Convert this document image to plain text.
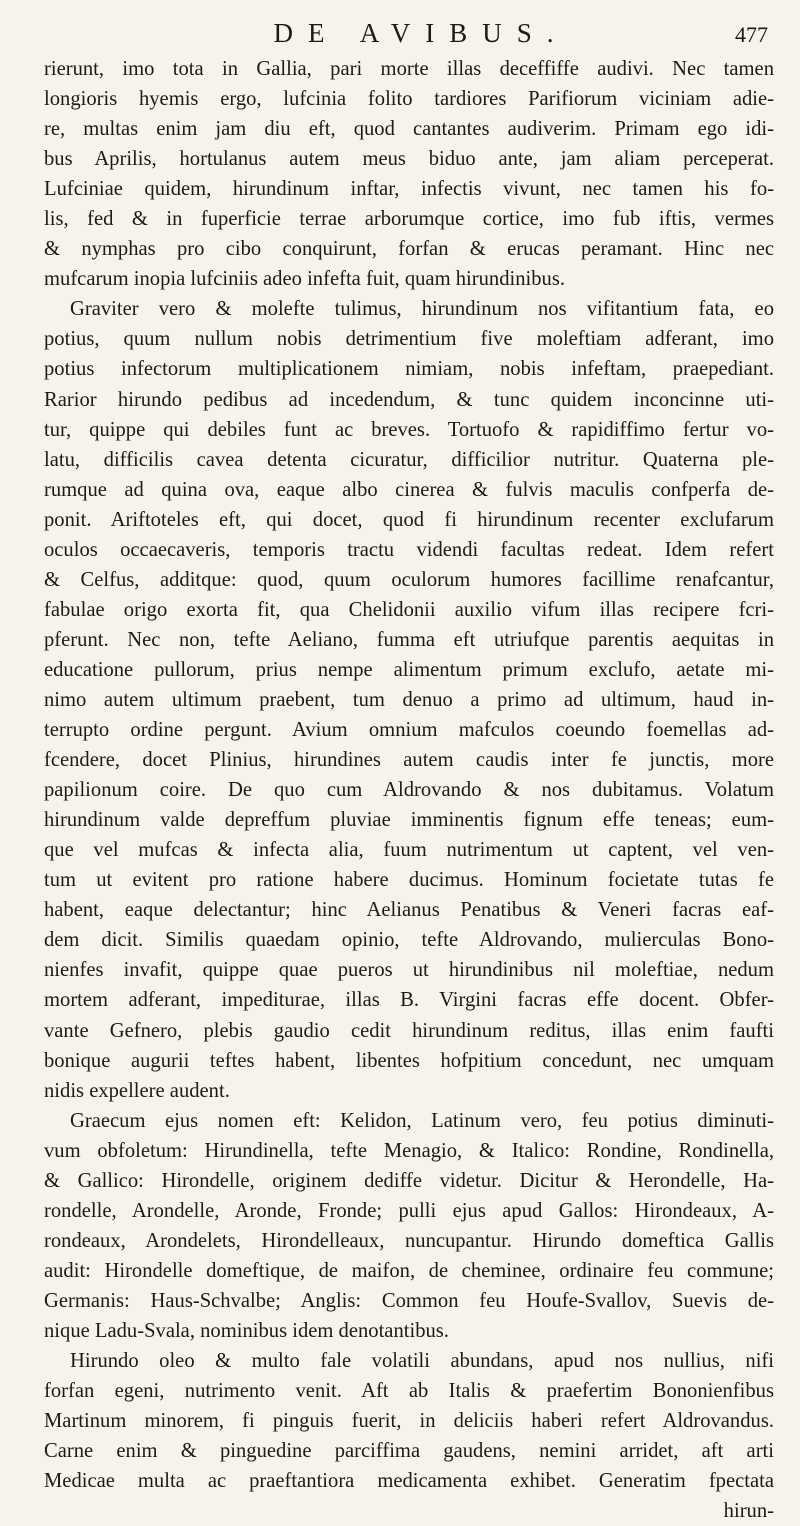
DE AVIBUS.	477
rierunt, imo tota in Gallia, pari morte illas deceffiffe audivi. Nec tamen
longioris hyemis ergo, lufcinia folito tardiores Parifiorum viciniam adie-
re, multas enim jam diu eft, quod cantantes audiverim. Primam ego idi-
bus Aprilis, hortulanus autem meus biduo ante, jam aliam perceperat.
Lufciniae quidem, hirundinum inftar, infectis vivunt, nec tamen his fo-
lis, fed & in fuperficie terrae arborumque cortice, imo fub iftis, vermes
& nymphas pro cibo conquirunt, forfan & erucas peramant. Hinc nec
mufcarum inopia lufciniis adeo infefta fuit, quam hirundinibus.
Graviter vero & molefte tulimus, hirundinum nos vifitantium fata, eo
potius, quum nullum nobis detrimentium five moleftiam adferant, imo
potius infectorum multiplicationem nimiam, nobis infeftam, praepediant.
Rarior hirundo pedibus ad incedendum, & tunc quidem inconcinne uti-
tur, quippe qui debiles funt ac breves. Tortuofo & rapidiffimo fertur vo-
latu, difficilis cavea detenta cicuratur, difficilior nutritur. Quaterna ple-
rumque ad quina ova, eaque albo cinerea & fulvis maculis confperfa de-
ponit. Ariftoteles eft, qui docet, quod fi hirundinum recenter exclufarum
oculos occaecaveris, temporis tractu videndi facultas redeat. Idem refert
& Celfus, additque: quod, quum oculorum humores facillime renafcantur,
fabulae origo exorta fit, qua Chelidonii auxilio vifum illas recipere fcri-
pferunt. Nec non, tefte Aeliano, fumma eft utriufque parentis aequitas in
educatione pullorum, prius nempe alimentum primum exclufo, aetate mi-
nimo autem ultimum praebent, tum denuo a primo ad ultimum, haud in-
terrupto ordine pergunt. Avium omnium mafculos coeundo foemellas ad-
fcendere, docet Plinius, hirundines autem caudis inter fe junctis, more
papilionum coire. De quo cum Aldrovando & nos dubitamus. Volatum
hirundinum valde depreffum pluviae imminentis fignum effe teneas; eum-
que vel mufcas & infecta alia, fuum nutrimentum ut captent, vel ven-
tum ut evitent pro ratione habere ducimus. Hominum focietate tutas fe
habent, eaque delectantur; hinc Aelianus Penatibus & Veneri facras eaf-
dem dicit. Similis quaedam opinio, tefte Aldrovando, mulierculas Bono-
nienfes invafit, quippe quae pueros ut hirundinibus nil moleftiae, nedum
mortem adferant, impediturae, illas B. Virgini facras effe docent. Obfer-
vante Gefnero, plebis gaudio cedit hirundinum reditus, illas enim faufti
bonique augurii teftes habent, libentes hofpitium concedunt, nec umquam
nidis expellere audent.
Graecum ejus nomen eft: Kelidon, Latinum vero, feu potius diminuti-
vum obfoletum: Hirundinella, tefte Menagio, & Italico: Rondine, Rondinella,
& Gallico: Hirondelle, originem dediffe videtur. Dicitur & Herondelle, Ha-
rondelle, Arondelle, Aronde, Fronde; pulli ejus apud Gallos: Hirondeaux, A-
rondeaux, Arondelets, Hirondelleaux, nuncupantur. Hirundo domeftica Gallis
audit: Hirondelle domeftique, de maifon, de cheminee, ordinaire feu commune;
Germanis: Haus-Schvalbe; Anglis: Common feu Houfe-Svallov, Suevis de-
nique Ladu-Svala, nominibus idem denotantibus.
Hirundo oleo & multo fale volatili abundans, apud nos nullius, nifi
forfan egeni, nutrimento venit. Aft ab Italis & praefertim Bononienfibus
Martinum minorem, fi pinguis fuerit, in deliciis haberi refert Aldrovandus.
Carne enim & pinguedine parciffima gaudens, nemini arridet, aft arti
Medicae multa ac praeftantiora medicamenta exhibet. Generatim fpectata
hirun-
